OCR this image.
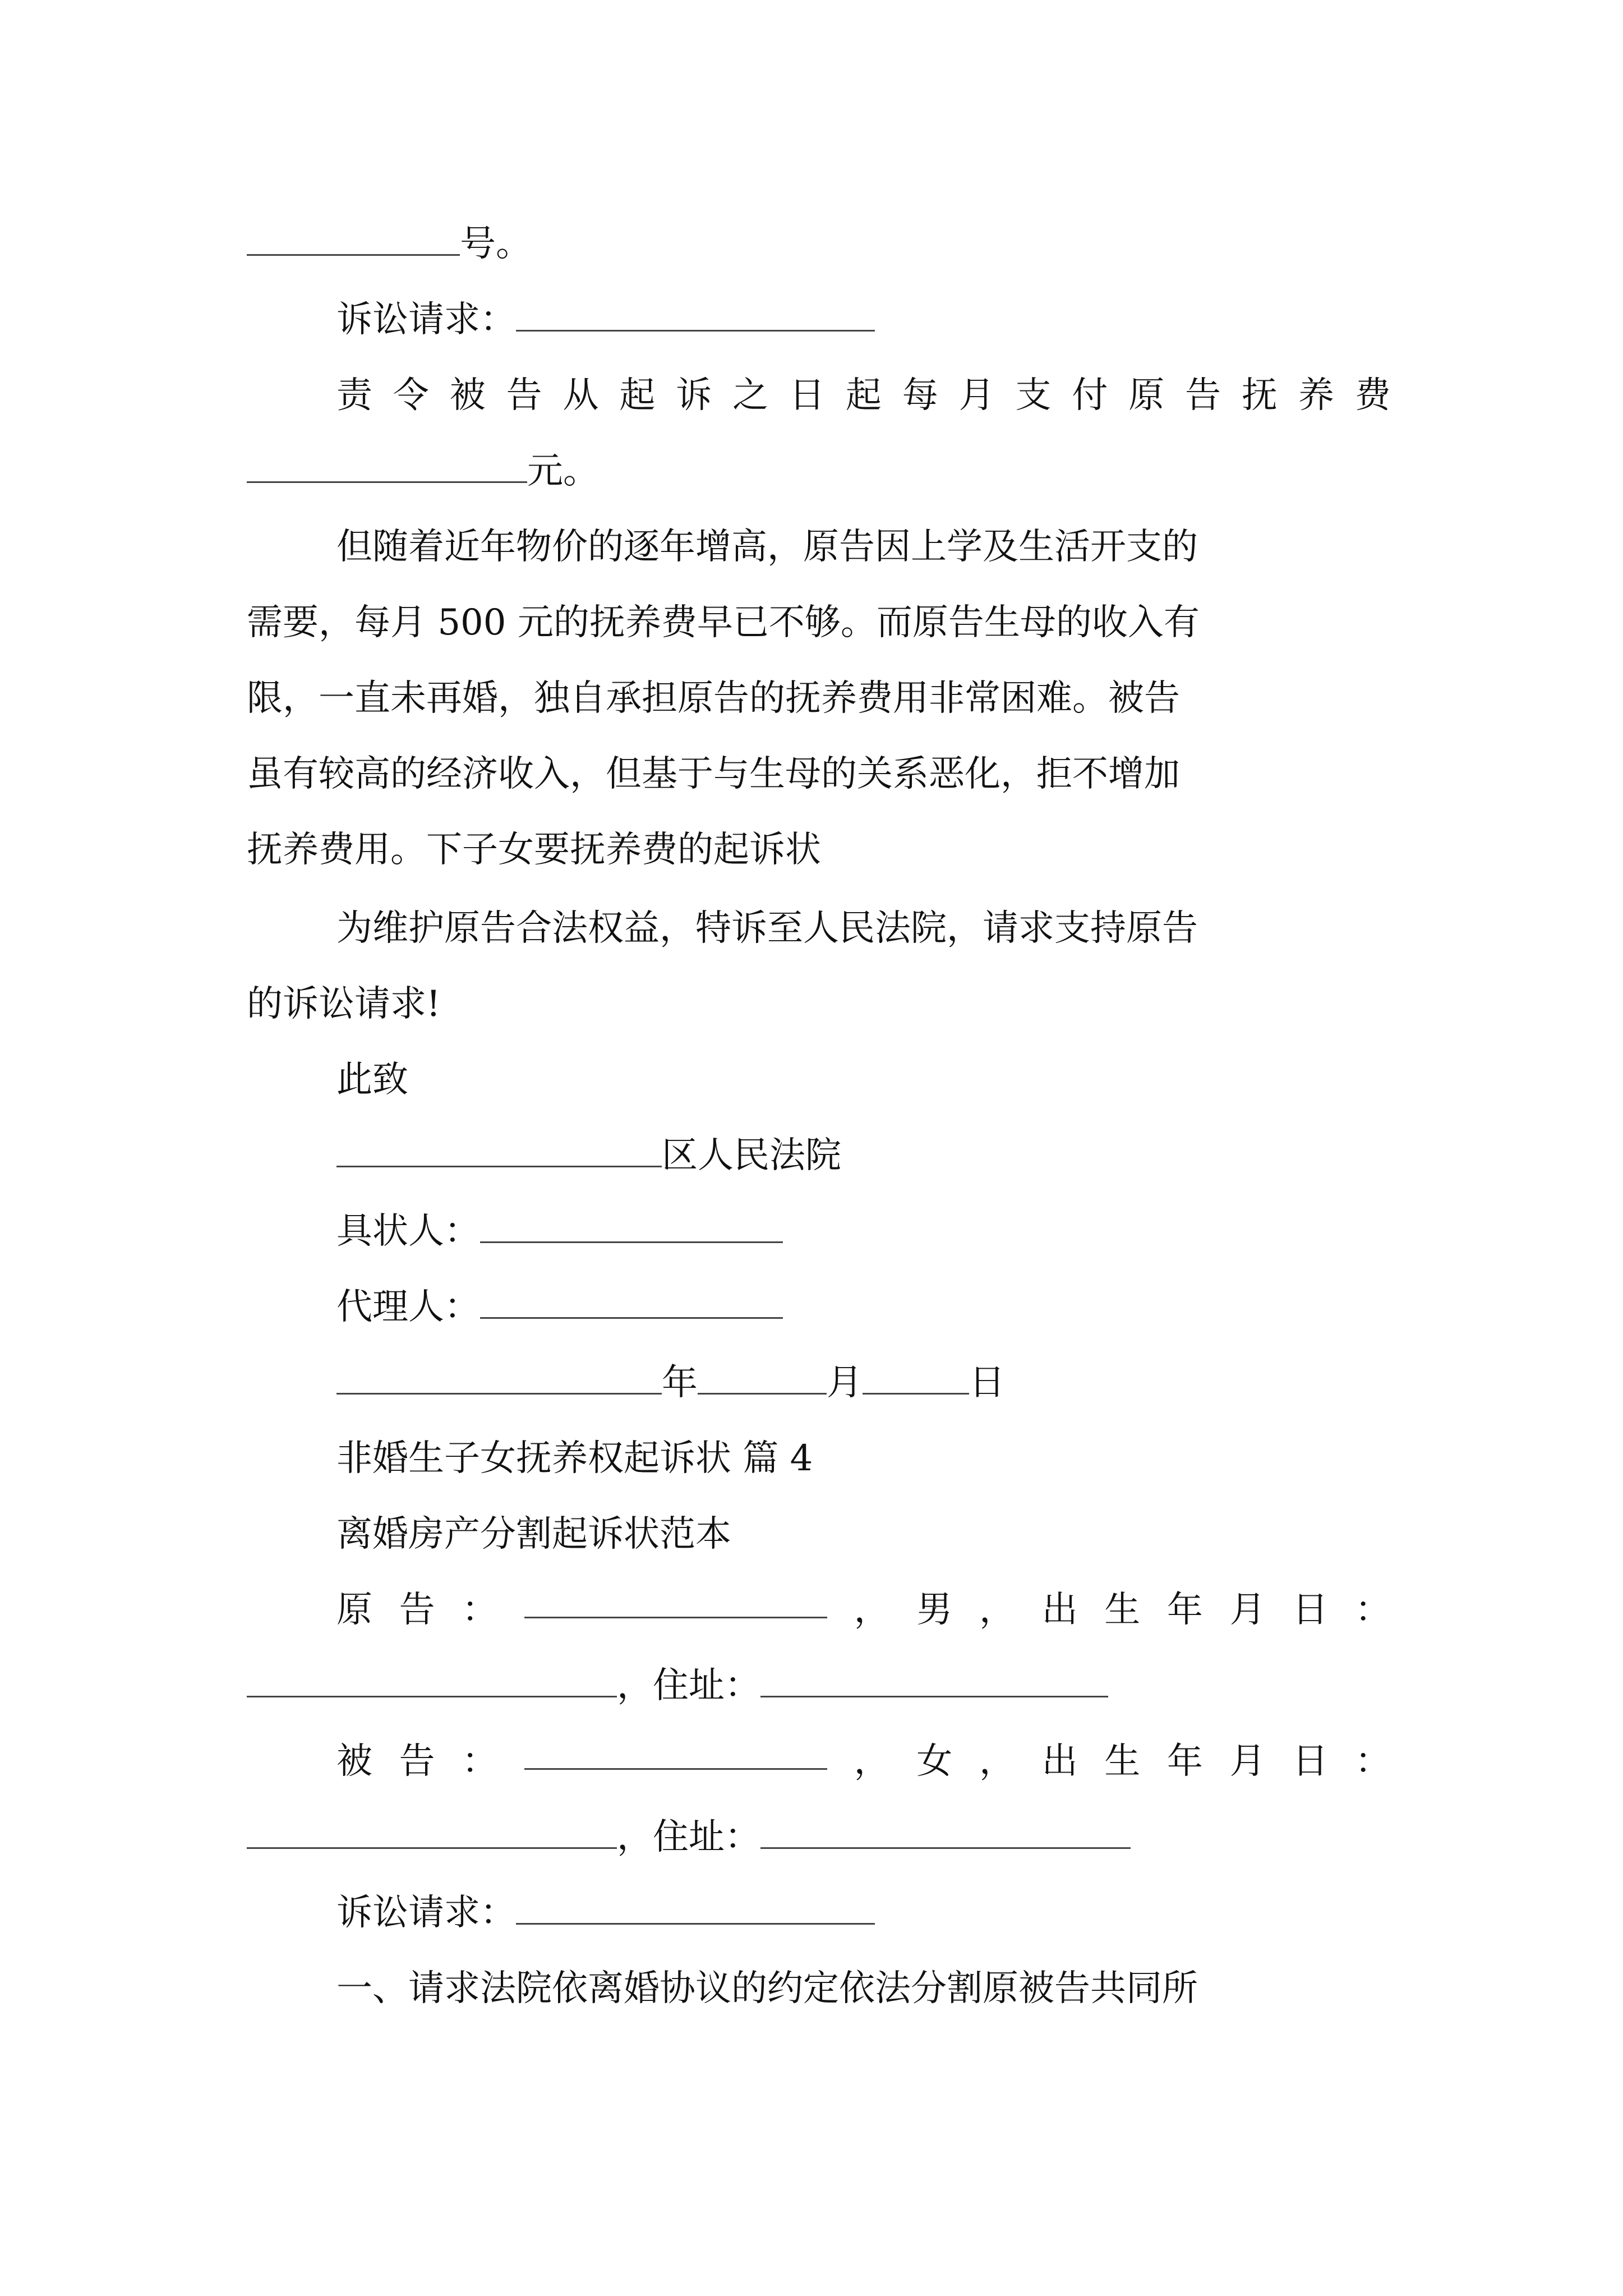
号。
诉讼请求：
责 令 被 告 从 起 诉 之 日 起 每 月 支 付 原 告 抚 养 费
元。
但随着近年物价的逐年增高，原告因上学及生活开支的
需要，每月 500 元的抚养费早已不够。而原告生母的收入有
限，一直未再婚，独自承担原告的抚养费用非常困难。被告
虽有较高的经济收入，但基于与生母的关系恶化，拒不增加
抚养费用。下子女要抚养费的起诉状
为维护原告合法权益，特诉至人民法院，请求支持原告
的诉讼请求!
此致
区人民法院
具状人：
代理人：
年	月	日
非婚生子女抚养权起诉状 篇 4
离婚房产分割起诉状范本
原 告 ：	， 男 ， 出 生 年 月 日 ：
，住址：
被 告 ：	， 女 ， 出 生 年 月 日 ：
，住址：
诉讼请求：
一、请求法院依离婚协议的约定依法分割原被告共同所
